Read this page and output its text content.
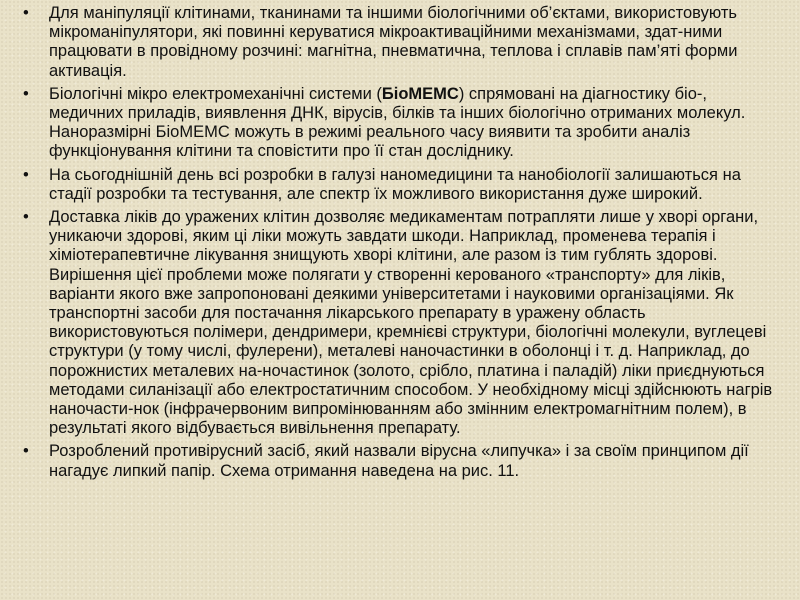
• Для маніпуляції клітинами, тканинами та іншими біологічними об’єктами, використовують мікроманіпулятори, які повинні керуватися мікроактиваційними механізмами, здат-ними працювати в провідному розчині: магнітна, пневматична, теплова і сплавів пам’яті форми активація.
• Біологічні мікро електромеханічні системи (БіоМЕМС) спрямовані на діагностику біо-, медичних приладів, виявлення ДНК, вірусів, білків та інших біологічно отриманих молекул. Наноразмірні БіоМЕМС можуть в режимі реального часу виявити та зробити аналіз функціонування клітини та сповістити про її стан досліднику.
• На сьогоднішній день всі розробки в галузі наномедицини та нанобіології залишаються на стадії розробки та тестування, але спектр їх можливого використання дуже широкий.
• Доставка ліків до уражених клітин дозволяє медикаментам потрапляти лише у хворі органи, уникаючи здорові, яким ці ліки можуть завдати шкоди. Наприклад, променева терапія і хіміотерапевтичне лікування знищують хворі клітини, але разом із тим гублять здорові. Вирішення цієї проблеми може полягати у створенні керованого «транспорту» для ліків, варіанти якого вже запропоновані деякими університетами і науковими організаціями. Як транспортні засоби для постачання лікарського препарату в уражену область використовуються полімери, дендримери, кремнієві структури, біологічні молекули, вуглецеві структури (у тому числі, фулерени), металеві наночастинки в оболонці і т. д. Наприклад, до порожнистих металевих на-ночастинок (золото, срібло, платина і паладій) ліки приєднуються методами силанізації або електростатичним способом. У необхідному місці здійснюють нагрів наночасти-нок (інфрачервоним випромінюванням або змінним електромагнітним полем), в результаті якого відбувається вивільнення препарату.
• Розроблений противірусний засіб, який назвали вірусна «липучка» і за своїм принципом дії нагадує липкий папір. Схема отримання наведена на рис. 11.
